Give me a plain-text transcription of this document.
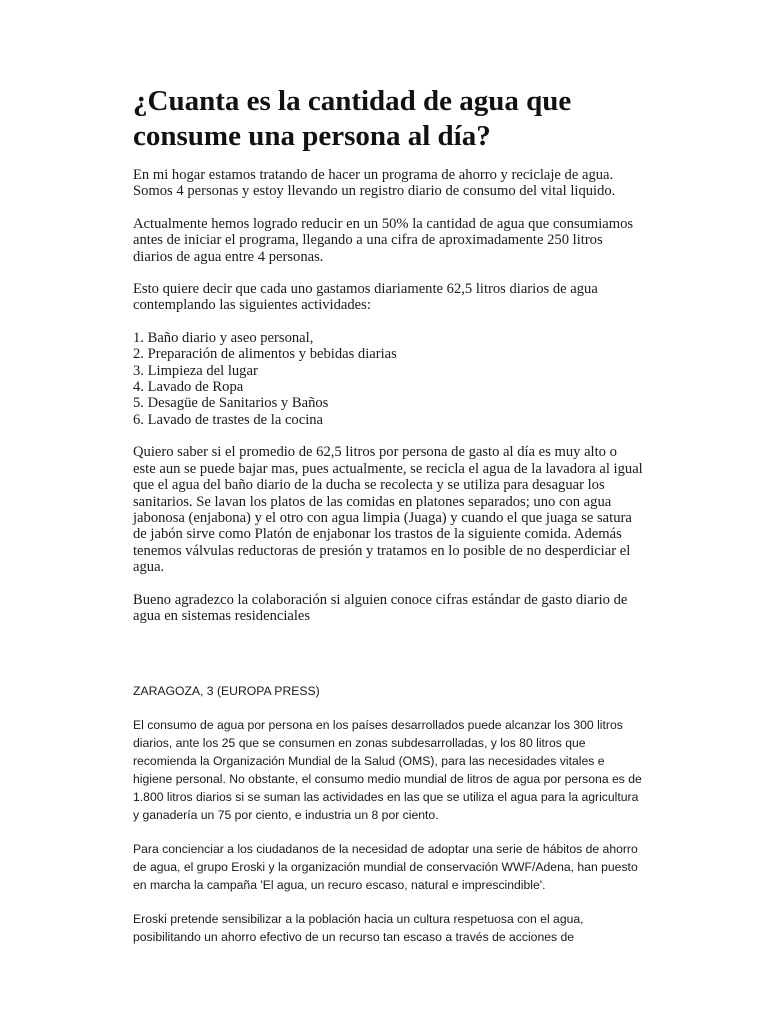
¿Cuanta es la cantidad de agua que consume una persona al día?

En mi hogar estamos tratando de hacer un programa de ahorro y reciclaje de agua. Somos 4 personas y estoy llevando un registro diario de consumo del vital liquido.

Actualmente hemos logrado reducir en un 50% la cantidad de agua que consumiamos antes de iniciar el programa, llegando a una cifra de aproximadamente 250 litros diarios de agua entre 4 personas.

Esto quiere decir que cada uno gastamos diariamente 62,5 litros diarios de agua contemplando las siguientes actividades:

1. Baño diario y aseo personal,
2. Preparación de alimentos y bebidas diarias
3. Limpieza del lugar
4. Lavado de Ropa
5. Desagüe de Sanitarios y Baños
6. Lavado de trastes de la cocina

Quiero saber si el promedio de 62,5 litros por persona de gasto al día es muy alto o este aun se puede bajar mas, pues actualmente, se recicla el agua de la lavadora al igual que el agua del baño diario de la ducha se recolecta y se utiliza para desaguar los sanitarios. Se lavan los platos de las comidas en platones separados; uno con agua jabonosa (enjabona) y el otro con agua limpia (Juaga) y cuando el que juaga se satura de jabón sirve como Platón de enjabonar los trastos de la siguiente comida. Además tenemos válvulas reductoras de presión y tratamos en lo posible de no desperdiciar el agua.

Bueno agradezco la colaboración si alguien conoce cifras estándar de gasto diario de agua en sistemas residenciales

ZARAGOZA, 3 (EUROPA PRESS)

El consumo de agua por persona en los países desarrollados puede alcanzar los 300 litros diarios, ante los 25 que se consumen en zonas subdesarrolladas, y los 80 litros que recomienda la Organización Mundial de la Salud (OMS), para las necesidades vitales e higiene personal. No obstante, el consumo medio mundial de litros de agua por persona es de 1.800 litros diarios si se suman las actividades en las que se utiliza el agua para la agricultura y ganadería un 75 por ciento, e industria un 8 por ciento.

Para concienciar a los ciudadanos de la necesidad de adoptar una serie de hábitos de ahorro de agua, el grupo Eroski y la organización mundial de conservación WWF/Adena, han puesto en marcha la campaña 'El agua, un recuro escaso, natural e imprescindible'.

Eroski pretende sensibilizar a la población hacia un cultura respetuosa con el agua, posibilitando un ahorro efectivo de un recurso tan escaso a través de acciones de
